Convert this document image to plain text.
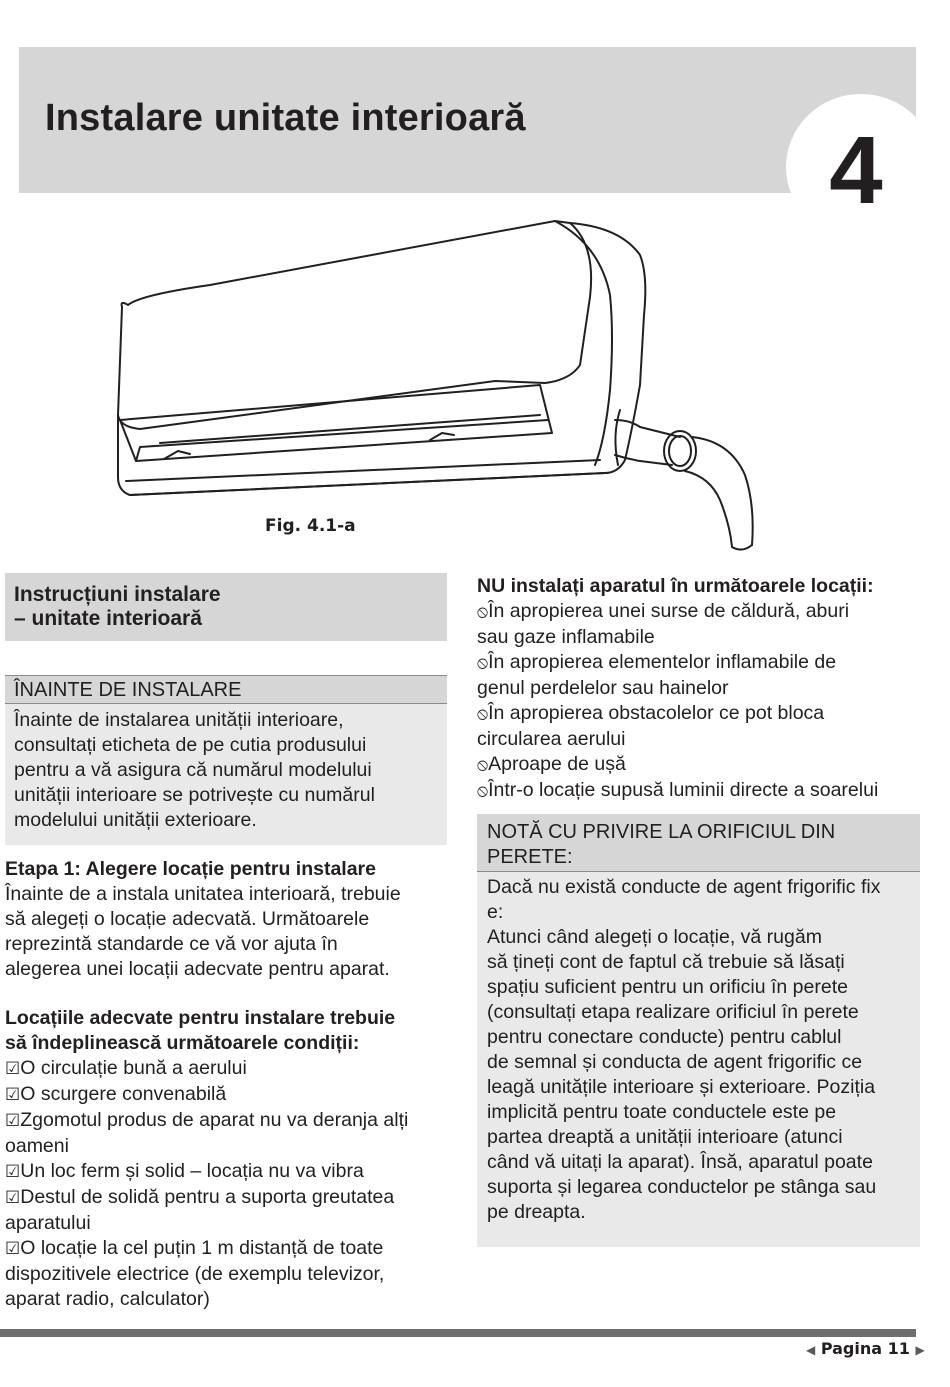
Instalare unitate interioară	4
Fig. 4.1-a
Instrucțiuni instalare
– unitate interioară
ÎNAINTE DE INSTALARE
Înainte de instalarea unității interioare,
consultați eticheta de pe cutia produsului
pentru a vă asigura că numărul modelului
unității interioare se potrivește cu numărul
modelului unității exterioare.
Etapa 1: Alegere locație pentru instalare
Înainte de a instala unitatea interioară, trebuie
să alegeți o locație adecvată. Următoarele
reprezintă standarde ce vă vor ajuta în
alegerea unei locații adecvate pentru aparat.
Locațiile adecvate pentru instalare trebuie
să îndeplinească următoarele condiții:
☑O circulație bună a aerului
☑O scurgere convenabilă
☑Zgomotul produs de aparat nu va deranja alți
oameni
☑Un loc ferm și solid – locația nu va vibra
☑Destul de solidă pentru a suporta greutatea
aparatului
☑O locație la cel puțin 1 m distanță de toate
dispozitivele electrice (de exemplu televizor,
aparat radio, calculator)
NU instalați aparatul în următoarele locații:
⦸În apropierea unei surse de căldură, aburi
sau gaze inflamabile
⦸În apropierea elementelor inflamabile de
genul perdelelor sau hainelor
⦸În apropierea obstacolelor ce pot bloca
circularea aerului
⦸Aproape de ușă
⦸Într-o locație supusă luminii directe a soarelui
NOTĂ CU PRIVIRE LA ORIFICIUL DIN
PERETE:
Dacă nu există conducte de agent frigorific fix
e:
Atunci când alegeți o locație, vă rugăm
să țineți cont de faptul că trebuie să lăsați
spațiu suficient pentru un orificiu în perete
(consultați etapa realizare orificiul în perete
pentru conectare conducte) pentru cablul
de semnal și conducta de agent frigorific ce
leagă unitățile interioare și exterioare. Poziția
implicită pentru toate conductele este pe
partea dreaptă a unității interioare (atunci
când vă uitați la aparat). Însă, aparatul poate
suporta și legarea conductelor pe stânga sau
pe dreapta.
◀ Pagina 11 ▶
